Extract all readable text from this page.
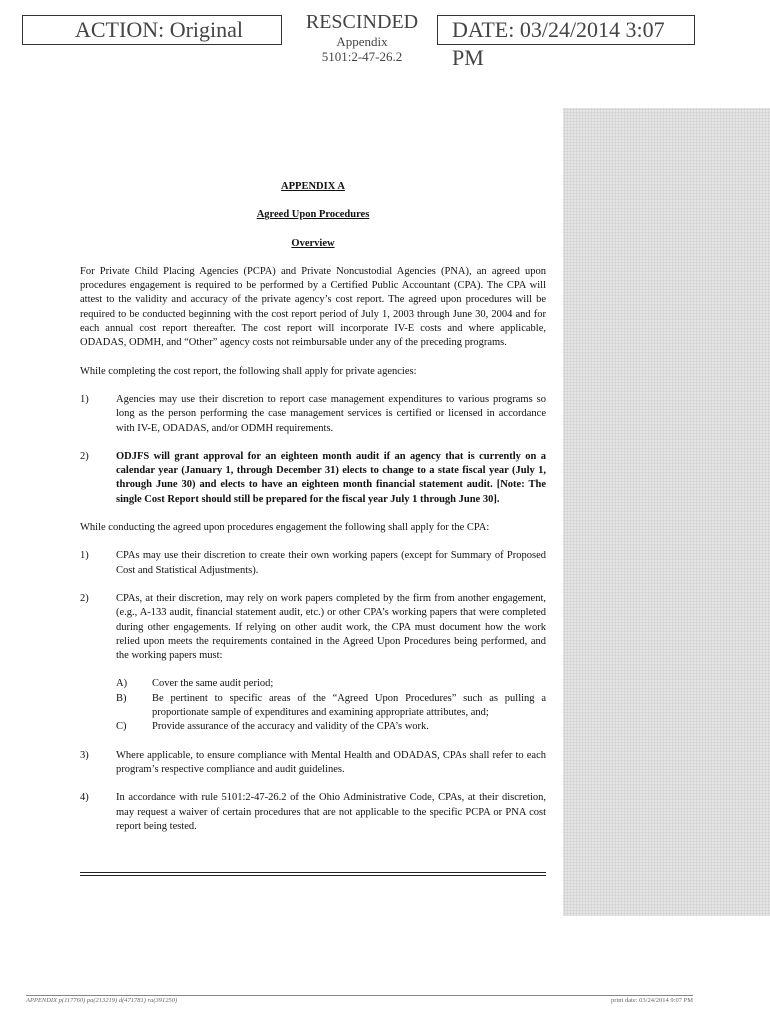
ACTION: Original	RESCINDED
Appendix
5101:2-47-26.2
DATE: 03/24/2014 3:07 PM
APPENDIX A
Agreed Upon Procedures
Overview

For Private Child Placing Agencies (PCPA) and Private Noncustodial Agencies (PNA), an agreed upon procedures engagement is required to be performed by a Certified Public Accountant (CPA). The CPA will attest to the validity and accuracy of the private agency’s cost report. The agreed upon procedures will be required to be conducted beginning with the cost report period of July 1, 2003 through June 30, 2004 and for each annual cost report thereafter. The cost report will incorporate IV-E costs and where applicable, ODADAS, ODMH, and “Other” agency costs not reimbursable under any of the preceding programs.

While completing the cost report, the following shall apply for private agencies:

1)	Agencies may use their discretion to report case management expenditures to various programs so long as the person performing the case management services is certified or licensed in accordance with IV-E, ODADAS, and/or ODMH requirements.
2)	ODJFS will grant approval for an eighteen month audit if an agency that is currently on a calendar year (January 1, through December 31) elects to change to a state fiscal year (July 1, through June 30) and elects to have an eighteen month financial statement audit. [Note: The single Cost Report should still be prepared for the fiscal year July 1 through June 30].

While conducting the agreed upon procedures engagement the following shall apply for the CPA:

1)	CPAs may use their discretion to create their own working papers (except for Summary of Proposed Cost and Statistical Adjustments).
2)	CPAs, at their discretion, may rely on work papers completed by the firm from another engagement, (e.g., A-133 audit, financial statement audit, etc.) or other CPA’s working papers that were completed during other engagements. If relying on other audit work, the CPA must document how the work relied upon meets the requirements contained in the Agreed Upon Procedures being performed, and the working papers must:
A) Cover the same audit period;
B) Be pertinent to specific areas of the “Agreed Upon Procedures” such as pulling a proportionate sample of expenditures and examining appropriate attributes, and;
C) Provide assurance of the accuracy and validity of the CPA’s work.
3)	Where applicable, to ensure compliance with Mental Health and ODADAS, CPAs shall refer to each program’s respective compliance and audit guidelines.
4)	In accordance with rule 5101:2-47-26.2 of the Ohio Administrative Code, CPAs, at their discretion, may request a waiver of certain procedures that are not applicable to the specific PCPA or PNA cost report being tested.
APPENDIX p(117760) pa(213219) d(471781) ra(391250)	print date: 03/24/2014 9:07 PM
